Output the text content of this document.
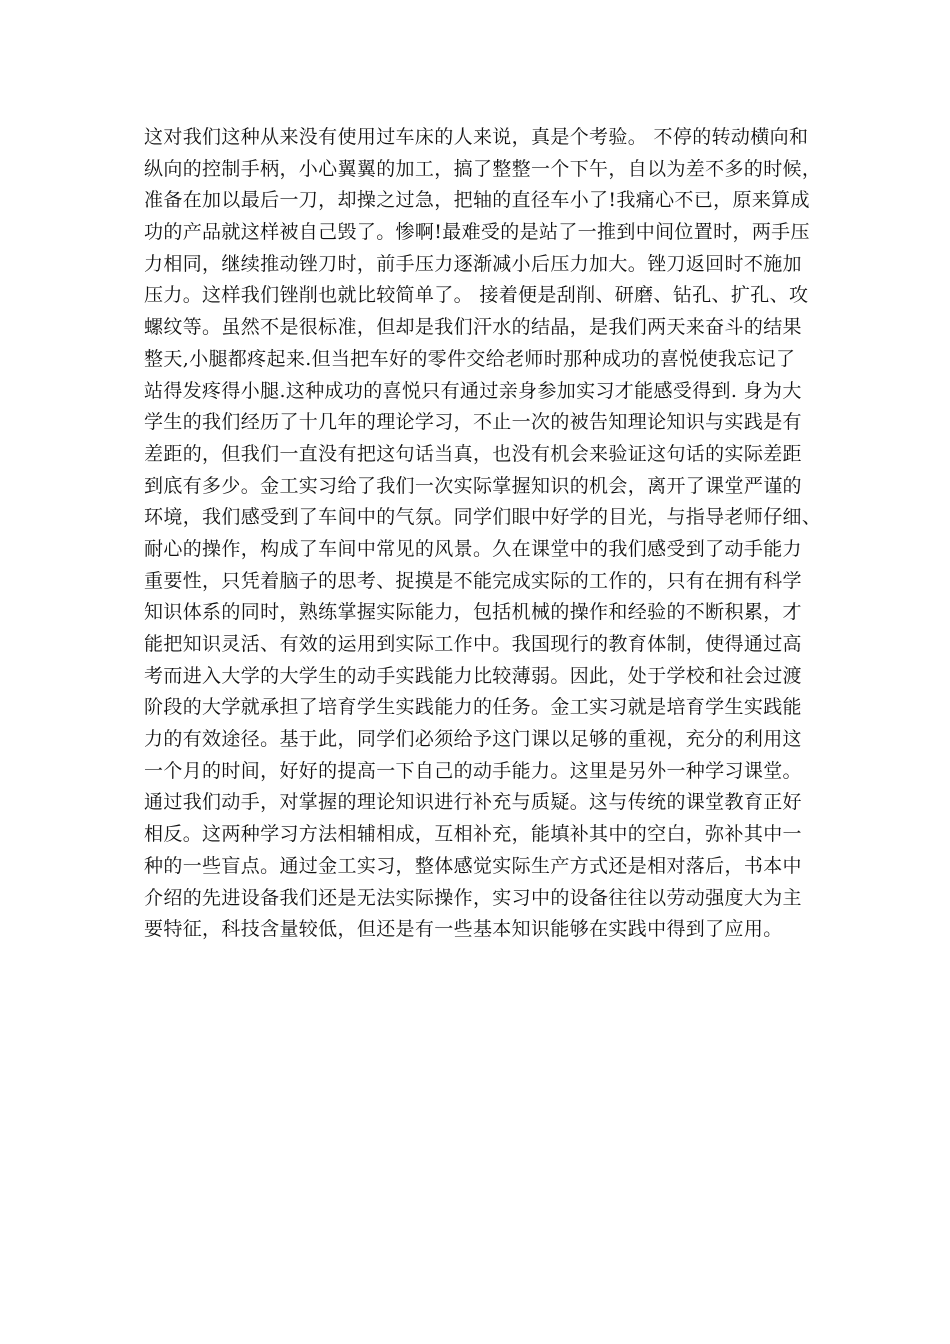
这对我们这种从来没有使用过车床的人来说，真是个考验。 不停的转动横向和
纵向的控制手柄，小心翼翼的加工，搞了整整一个下午，自以为差不多的时候，
准备在加以最后一刀，却操之过急，把轴的直径车小了!我痛心不已，原来算成
功的产品就这样被自己毁了。惨啊!最难受的是站了一推到中间位置时，两手压
力相同，继续推动锉刀时，前手压力逐渐减小后压力加大。锉刀返回时不施加
压力。这样我们锉削也就比较简单了。 接着便是刮削、研磨、钻孔、扩孔、攻
螺纹等。虽然不是很标准，但却是我们汗水的结晶，是我们两天来奋斗的结果
整天,小腿都疼起来.但当把车好的零件交给老师时那种成功的喜悦使我忘记了
站得发疼得小腿.这种成功的喜悦只有通过亲身参加实习才能感受得到. 身为大
学生的我们经历了十几年的理论学习，不止一次的被告知理论知识与实践是有
差距的，但我们一直没有把这句话当真，也没有机会来验证这句话的实际差距
到底有多少。金工实习给了我们一次实际掌握知识的机会，离开了课堂严谨的
环境，我们感受到了车间中的气氛。同学们眼中好学的目光，与指导老师仔细、
耐心的操作，构成了车间中常见的风景。久在课堂中的我们感受到了动手能力
重要性，只凭着脑子的思考、捉摸是不能完成实际的工作的，只有在拥有科学
知识体系的同时，熟练掌握实际能力，包括机械的操作和经验的不断积累，才
能把知识灵活、有效的运用到实际工作中。我国现行的教育体制，使得通过高
考而进入大学的大学生的动手实践能力比较薄弱。因此，处于学校和社会过渡
阶段的大学就承担了培育学生实践能力的任务。金工实习就是培育学生实践能
力的有效途径。基于此，同学们必须给予这门课以足够的重视，充分的利用这
一个月的时间，好好的提高一下自己的动手能力。这里是另外一种学习课堂。
通过我们动手，对掌握的理论知识进行补充与质疑。这与传统的课堂教育正好
相反。这两种学习方法相辅相成，互相补充，能填补其中的空白，弥补其中一
种的一些盲点。通过金工实习，整体感觉实际生产方式还是相对落后，书本中
介绍的先进设备我们还是无法实际操作，实习中的设备往往以劳动强度大为主
要特征，科技含量较低，但还是有一些基本知识能够在实践中得到了应用。
